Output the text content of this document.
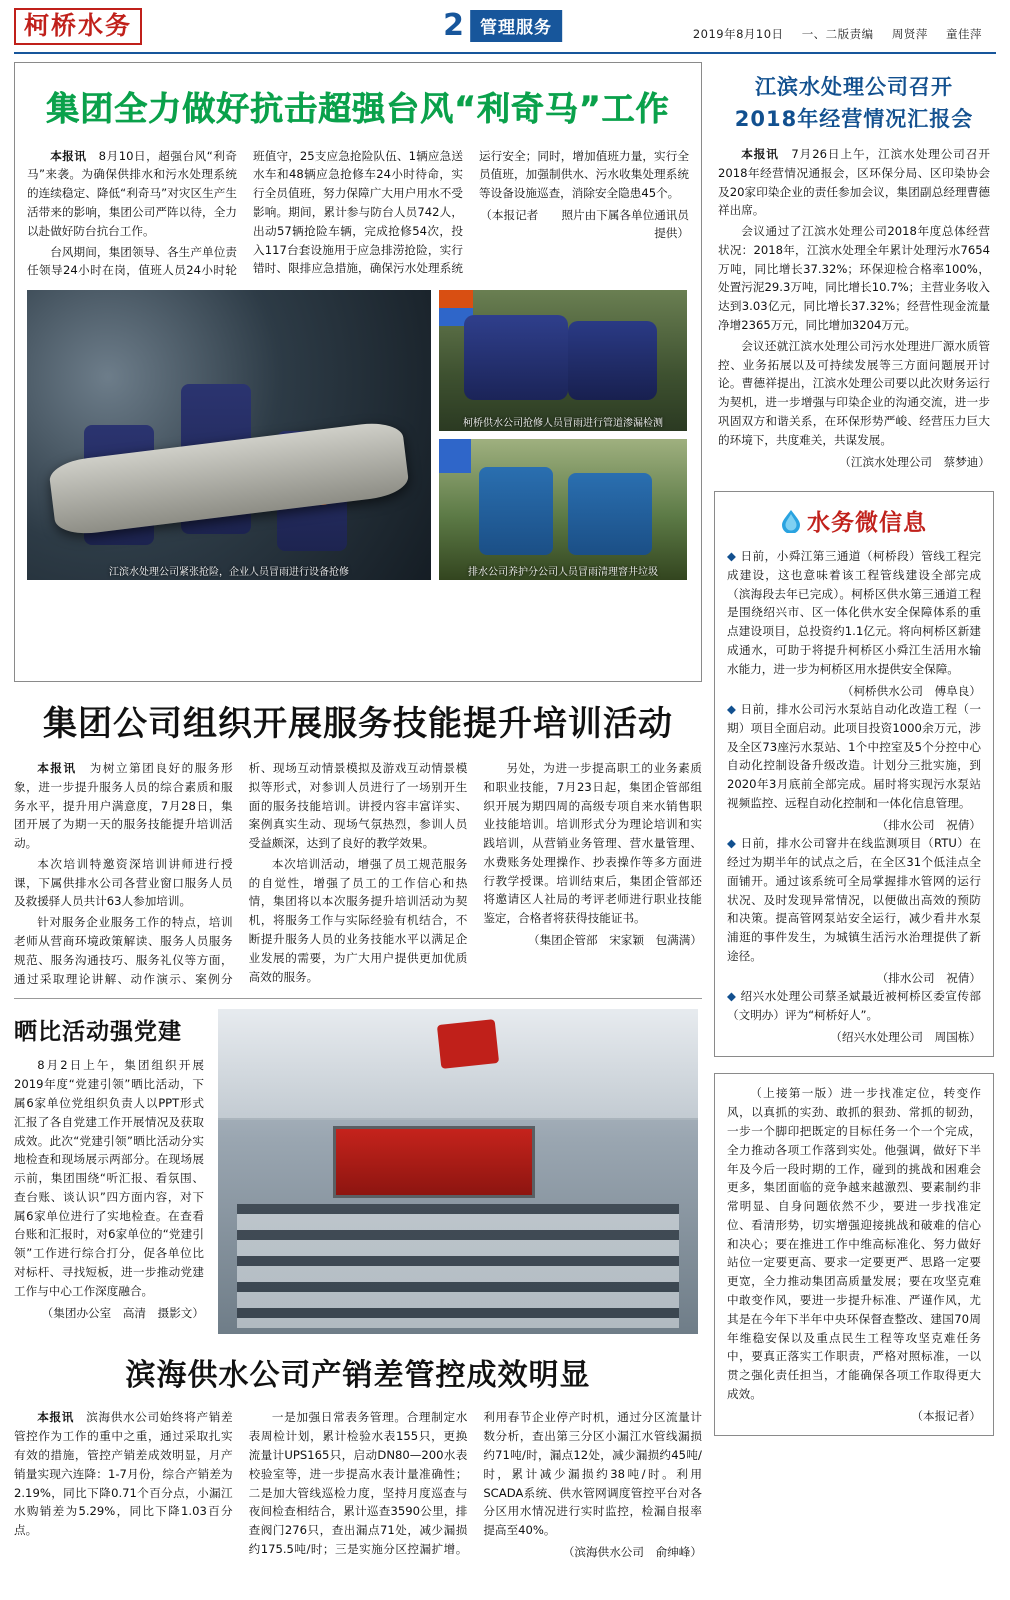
柯桥水务	2 管理服务	2019年8月10日 一、二版责编 周贤萍 童佳萍
集团全力做好抗击超强台风“利奇马”工作

本报讯　8月10日，超强台风“利奇马”来袭。为确保供排水和污水处理系统的连续稳定、降低“利奇马”对灾区生产生活带来的影响，集团公司严阵以待，全力以赴做好防台抗台工作。

台风期间，集团领导、各生产单位责任领导24小时在岗，值班人员24小时轮班值守，25支应急抢险队伍、1辆应急送水车和48辆应急抢修车24小时待命，实行全员值班，努力保障广大用户用水不受影响。期间，累计参与防台人员742人，出动57辆抢险车辆，完成抢修54次，投入117台套设施用于应急排涝抢险，实行错时、限排应急措施，确保污水处理系统运行安全；同时，增加值班力量，实行全员值班，加强制供水、污水收集处理系统等设备设施巡查，消除安全隐患45个。

（本报记者　　照片由下属各单位通讯员提供）

江滨水处理公司紧张抢险，企业人员冒雨进行设备抢修
柯桥供水公司抢修人员冒雨进行管道渗漏检测
排水公司养护分公司人员冒雨清理窨井垃圾
集团公司组织开展服务技能提升培训活动

本报讯　为树立第团良好的服务形象，进一步提升服务人员的综合素质和服务水平，提升用户满意度，7月28日，集团开展了为期一天的服务技能提升培训活动。

本次培训特邀资深培训讲师进行授课，下属供排水公司各营业窗口服务人员及救援驿人员共计63人参加培训。

针对服务企业服务工作的特点，培训老师从营商环境政策解读、服务人员服务规范、服务沟通技巧、服务礼仪等方面，通过采取理论讲解、动作演示、案例分析、现场互动情景模拟及游戏互动情景模拟等形式，对参训人员进行了一场别开生面的服务技能培训。讲授内容丰富详实、案例真实生动、现场气氛热烈，参训人员受益颇深，达到了良好的教学效果。

本次培训活动，增强了员工规范服务的自觉性，增强了员工的工作信心和热情，集团将以本次服务提升培训活动为契机，将服务工作与实际经验有机结合，不断提升服务人员的业务技能水平以满足企业发展的需要，为广大用户提供更加优质高效的服务。

另处，为进一步提高职工的业务素质和职业技能，7月23日起，集团企管部组织开展为期四周的高级专项自来水销售职业技能培训。培训形式分为理论培训和实践培训，从营销业务管理、营水量管理、水费账务处理操作、抄表操作等多方面进行教学授课。培训结束后，集团企管部还将邀请区人社局的考评老师进行职业技能鉴定，合格者将获得技能证书。

（集团企管部　宋家颖　包满满）

晒比活动强党建

8月2日上午，集团组织开展2019年度“党建引领”晒比活动，下属6家单位党组织负责人以PPT形式汇报了各自党建工作开展情况及获取成效。此次“党建引领”晒比活动分实地检查和现场展示两部分。在现场展示前，集团围绕“听汇报、看氛围、查台账、谈认识”四方面内容，对下属6家单位进行了实地检查。在查看台账和汇报时，对6家单位的“党建引领”工作进行综合打分，促各单位比对标杆、寻找短板，进一步推动党建工作与中心工作深度融合。

（集团办公室　高清　摄影文）

滨海供水公司产销差管控成效明显

本报讯　滨海供水公司始终将产销差管控作为工作的重中之重，通过采取扎实有效的措施，管控产销差成效明显，月产销量实现六连降：1-7月份，综合产销差为2.19%，同比下降0.71个百分点，小漏江水购销差为5.29%，同比下降1.03百分点。

一是加强日常表务管理。合理制定水表周检计划，累计检验水表155只，更换流量计UPS165只，启动DN80—200水表校验室等，进一步提高水表计量准确性；二是加大管线巡检力度，坚持月度巡查与夜间检查相结合，累计巡查3590公里，排查阀门276只，查出漏点71处，减少漏损约175.5吨/时；三是实施分区控漏扩增。利用春节企业停产时机，通过分区流量计数分析，查出第三分区小漏江水管线漏损约71吨/时，漏点12处，减少漏损约45吨/时，累计减少漏损约38吨/时。利用SCADA系统、供水管网调度管控平台对各分区用水情况进行实时监控，检漏自报率提高至40%。

（滨海供水公司　俞绅峰）

江滨水处理公司召开
2018年经营情况汇报会

本报讯　7月26日上午，江滨水处理公司召开2018年经营情况通报会，区环保分局、区印染协会及20家印染企业的责任参加会议，集团副总经理曹德祥出席。

会议通过了江滨水处理公司2018年度总体经营状况：2018年，江滨水处理全年累计处理污水7654万吨，同比增长37.32%；环保迎检合格率100%，处置污泥29.3万吨，同比增长10.7%；主营业务收入达到3.03亿元，同比增长37.32%；经营性现金流量净增2365万元，同比增加3204万元。

会议还就江滨水处理公司污水处理进厂源水质管控、业务拓展以及可持续发展等三方面问题展开讨论。曹德祥提出，江滨水处理公司要以此次财务运行为契机，进一步增强与印染企业的沟通交流，进一步巩固双方和谐关系，在环保形势严峻、经营压力巨大的环境下，共度难关，共谋发展。

（江滨水处理公司　蔡梦迪）

水务微信息

◆ 日前，小舜江第三通道（柯桥段）管线工程完成建设，这也意味着该工程管线建设全部完成（滨海段去年已完成）。柯桥区供水第三通道工程是围绕绍兴市、区一体化供水安全保障体系的重点建设项目，总投资约1.1亿元。将向柯桥区新建成通水，可助于将提升柯桥区小舜江生活用水输水能力，进一步为柯桥区用水提供安全保障。

（柯桥供水公司　傅阜良）

◆ 日前，排水公司污水泵站自动化改造工程（一期）项目全面启动。此项目投资1000余万元，涉及全区73座污水泵站、1个中控室及5个分控中心自动化控制设备升级改造。计划分三批实施，到2020年3月底前全部完成。届时将实现污水泵站视频监控、远程自动化控制和一体化信息管理。

（排水公司　祝倩）

◆ 日前，排水公司窨井在线监测项目（RTU）在经过为期半年的试点之后，在全区31个低洼点全面铺开。通过该系统可全局掌握排水管网的运行状况、及时发现异常情况，以便做出高效的预防和决策。提高管网泵站安全运行，减少看井水泵浦逛的事件发生，为城镇生活污水治理提供了新途径。

（排水公司　祝倩）

◆ 绍兴水处理公司蔡圣斌最近被柯桥区委宣传部（文明办）评为“柯桥好人”。

（绍兴水处理公司　周国栋）

（上接第一版）进一步找准定位，转变作风，以真抓的实劲、敢抓的狠劲、常抓的韧劲，一步一个脚印把既定的目标任务一个一个完成，全力推动各项工作落到实处。他强调，做好下半年及今后一段时期的工作，碰到的挑战和困难会更多，集团面临的竞争越来越激烈、要素制约非常明显、自身问题依然不少，要进一步找准定位、看清形势，切实增强迎接挑战和破难的信心和决心；要在推进工作中维高标准化、努力做好站位一定要更高、要求一定要更严、思路一定要更宽，全力推动集团高质量发展；要在攻坚克难中敢变作风，要进一步提升标准、严谨作风，尤其是在今年下半年中央环保督查整改、建国70周年维稳安保以及重点民生工程等攻坚克难任务中，要真正落实工作职责，严格对照标准，一以贯之强化责任担当，才能确保各项工作取得更大成效。

（本报记者）
